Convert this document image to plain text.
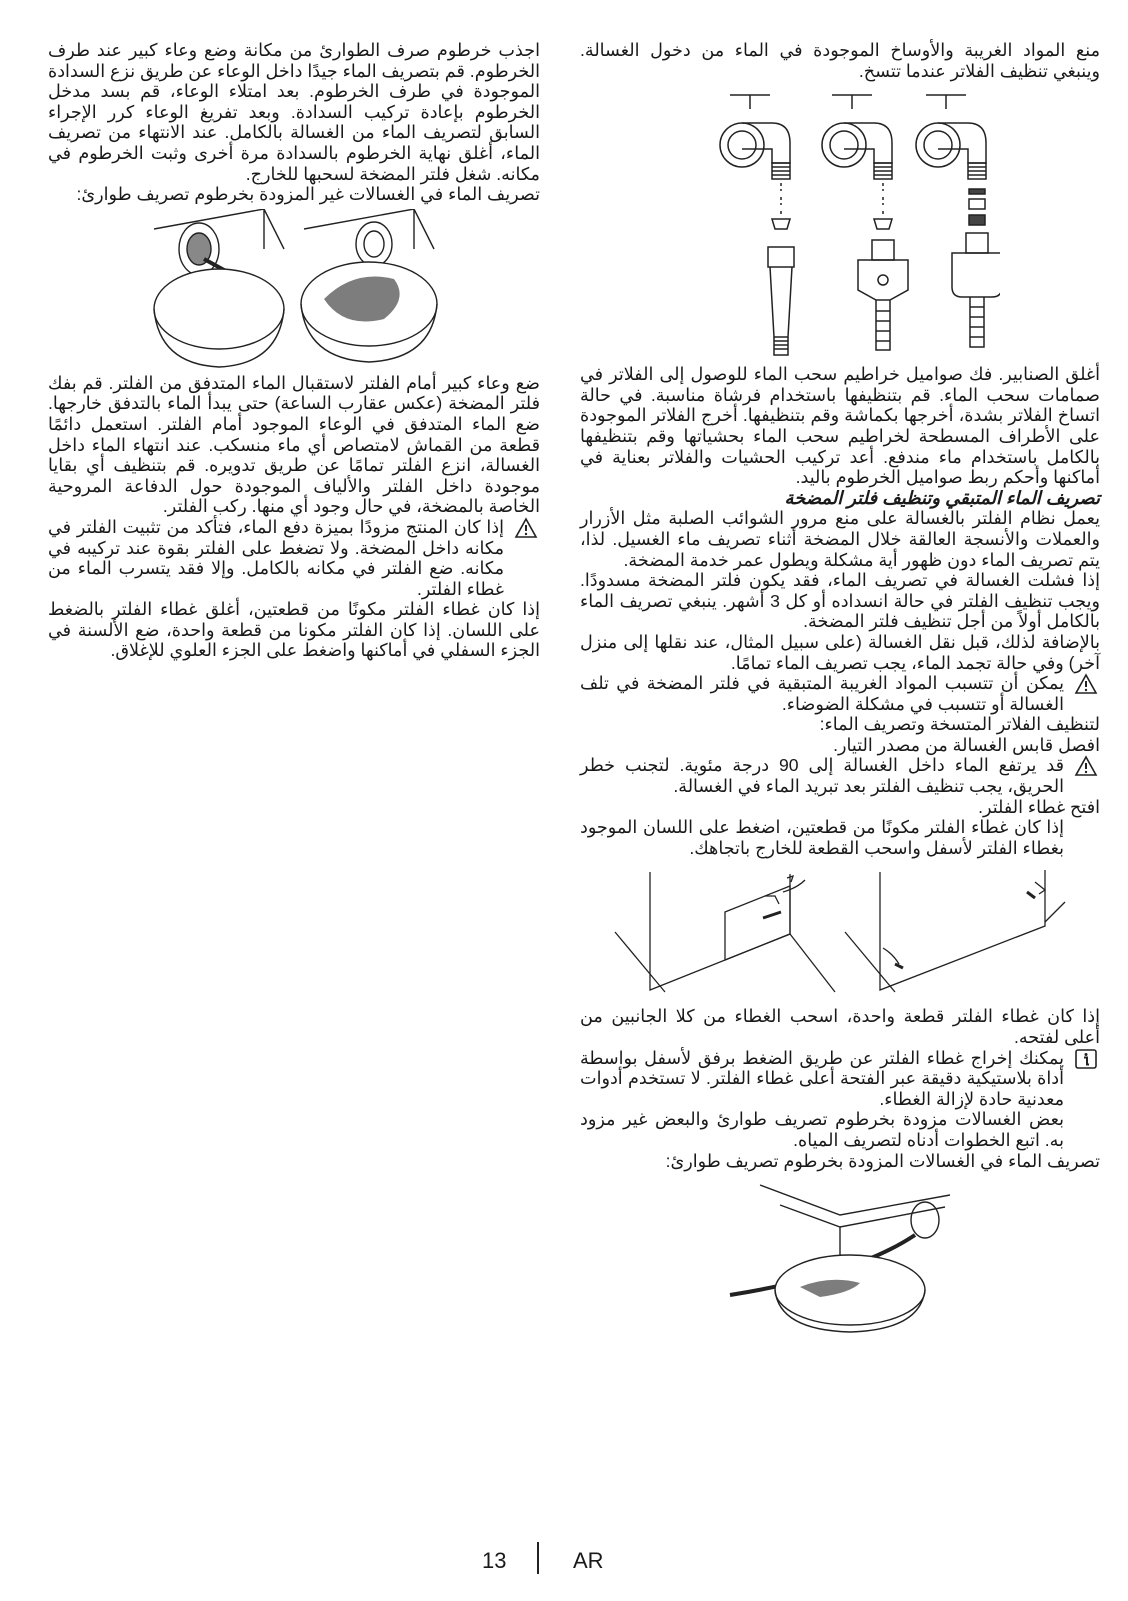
منع المواد الغريبة والأوساخ الموجودة في الماء من دخول الغسالة. وينبغي تنظيف الفلاتر عندما تتسخ.

أغلق الصنابير. فك صواميل خراطيم سحب الماء للوصول إلى الفلاتر في صمامات سحب الماء. قم بتنظيفها باستخدام فرشاة مناسبة. في حالة اتساخ الفلاتر بشدة، أخرجها بكماشة وقم بتنظيفها. أخرج الفلاتر الموجودة على الأطراف المسطحة لخراطيم سحب الماء بحشياتها وقم بتنظيفها بالكامل باستخدام ماء مندفع. أعد تركيب الحشيات والفلاتر بعناية في أماكنها وأحكم ربط صواميل الخرطوم باليد.

تصريف الماء المتبقي وتنظيف فلتر المضخة

يعمل نظام الفلتر بالغسالة على منع مرور الشوائب الصلبة مثل الأزرار والعملات والأنسجة العالقة خلال المضخة أثناء تصريف ماء الغسيل. لذا، يتم تصريف الماء دون ظهور أية مشكلة ويطول عمر خدمة المضخة.

إذا فشلت الغسالة في تصريف الماء، فقد يكون فلتر المضخة مسدودًا. ويجب تنظيف الفلتر في حالة انسداده أو كل 3 أشهر. ينبغي تصريف الماء بالكامل أولاً من أجل تنظيف فلتر المضخة.

بالإضافة لذلك، قبل نقل الغسالة (على سبيل المثال، عند نقلها إلى منزل آخر) وفي حالة تجمد الماء، يجب تصريف الماء تمامًا.

يمكن أن تتسبب المواد الغريبة المتبقية في فلتر المضخة في تلف الغسالة أو تتسبب في مشكلة الضوضاء.

لتنظيف الفلاتر المتسخة وتصريف الماء:

افصل قابس الغسالة من مصدر التيار.

قد يرتفع الماء داخل الغسالة إلى 90 درجة مئوية. لتجنب خطر الحريق، يجب تنظيف الفلتر بعد تبريد الماء في الغسالة.

افتح غطاء الفلتر.

إذا كان غطاء الفلتر مكونًا من قطعتين، اضغط على اللسان الموجود بغطاء الفلتر لأسفل واسحب القطعة للخارج باتجاهك.

إذا كان غطاء الفلتر قطعة واحدة، اسحب الغطاء من كلا الجانبين من أعلى لفتحه.

يمكنك إخراج غطاء الفلتر عن طريق الضغط برفق لأسفل بواسطة أداة بلاستيكية دقيقة عبر الفتحة أعلى غطاء الفلتر. لا تستخدم أدوات معدنية حادة لإزالة الغطاء.

بعض الغسالات مزودة بخرطوم تصريف طوارئ والبعض غير مزود به. اتبع الخطوات أدناه لتصريف المياه.

تصريف الماء في الغسالات المزودة بخرطوم تصريف طوارئ:

اجذب خرطوم صرف الطوارئ من مكانة وضع وعاء كبير عند طرف الخرطوم. قم بتصريف الماء جيدًا داخل الوعاء عن طريق نزع السدادة الموجودة في طرف الخرطوم. بعد امتلاء الوعاء، قم بسد مدخل الخرطوم بإعادة تركيب السدادة. وبعد تفريغ الوعاء كرر الإجراء السابق لتصريف الماء من الغسالة بالكامل. عند الانتهاء من تصريف الماء، أغلق نهاية الخرطوم بالسدادة مرة أخرى وثبت الخرطوم في مكانه. شغل فلتر المضخة لسحبها للخارج.

تصريف الماء في الغسالات غير المزودة بخرطوم تصريف طوارئ:

ضع وعاء كبير أمام الفلتر لاستقبال الماء المتدفق من الفلتر. قم بفك فلتر المضخة (عكس عقارب الساعة) حتى يبدأ الماء بالتدفق خارجها. ضع الماء المتدفق في الوعاء الموجود أمام الفلتر. استعمل دائمًا قطعة من القماش لامتصاص أي ماء منسكب. عند انتهاء الماء داخل الغسالة، انزع الفلتر تمامًا عن طريق تدويره. قم بتنظيف أي بقايا موجودة داخل الفلتر والألياف الموجودة حول الدفاعة المروحية الخاصة بالمضخة، في حال وجود أي منها. ركب الفلتر.

إذا كان المنتج مزودًا بميزة دفع الماء، فتأكد من تثبيت الفلتر في مكانه داخل المضخة. ولا تضغط على الفلتر بقوة عند تركيبه في مكانه. ضع الفلتر في مكانه بالكامل. وإلا فقد يتسرب الماء من غطاء الفلتر.

إذا كان غطاء الفلتر مكونًا من قطعتين، أغلق غطاء الفلتر بالضغط على اللسان. إذا كان الفلتر مكونا من قطعة واحدة، ضع الألسنة في الجزء السفلي في أماكنها واضغط على الجزء العلوي للإغلاق.

13	AR
